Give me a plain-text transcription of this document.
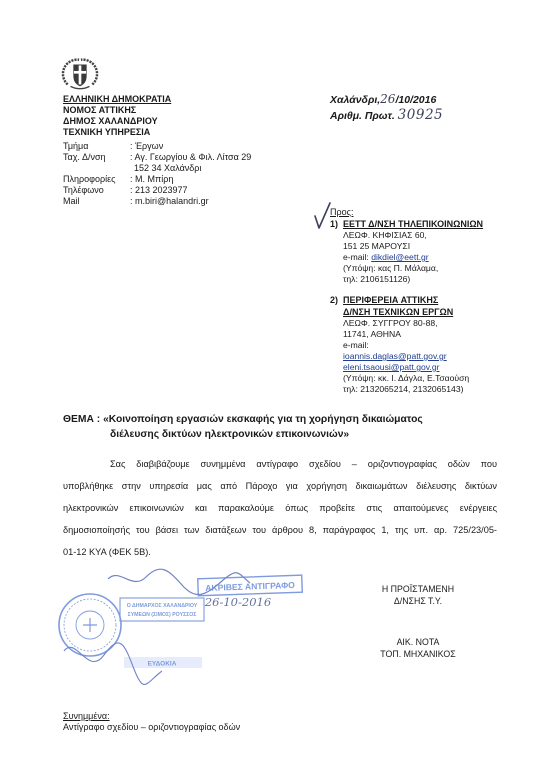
ΕΛΛΗΝΙΚΗ ΔΗΜΟΚΡΑΤΙΑ
ΝΟΜΟΣ ΑΤΤΙΚΗΣ
ΔΗΜΟΣ ΧΑΛΑΝΔΡΙΟΥ
ΤΕΧΝΙΚΗ ΥΠΗΡΕΣΙΑ
Χαλάνδρι,26/10/2016
Αριθμ. Πρωτ. 30925
Τμήμα	: Έργων
Ταχ. Δ/νση	: Αγ. Γεωργίου & Φιλ. Λίτσα 29
152 34 Χαλάνδρι
Πληροφορίες : Μ. Μπίρη
Τηλέφωνο	: 213 2023977
Mail	: m.biri@halandri.gr
Προς:
1) ΕΕΤΤ Δ/ΝΣΗ ΤΗΛΕΠΙΚΟΙΝΩΝΙΩΝ
ΛΕΩΦ. ΚΗΦΙΣΙΑΣ 60,
151 25 ΜΑΡΟΥΣΙ
e-mail: dikdiel@eett.gr
(Υπόψη: κας Π. Μάλαμα,
τηλ: 2106151126)
2) ΠΕΡΙΦΕΡΕΙΑ ΑΤΤΙΚΗΣ
Δ/ΝΣΗ ΤΕΧΝΙΚΩΝ ΕΡΓΩΝ
ΛΕΩΦ. ΣΥΓΓΡΟΥ 80-88,
11741, ΑΘΗΝΑ
e-mail:
ioannis.daglas@patt.gov.gr
eleni.tsaousi@patt.gov.gr
(Υπόψη: κκ. Ι. Δάγλα, Ε.Τσαούση
τηλ: 2132065214, 2132065143)
ΘΕΜΑ : «Κοινοποίηση εργασιών εκσκαφής για τη χορήγηση δικαιώματος
διέλευσης δικτύων ηλεκτρονικών επικοινωνιών»
Σας διαβιβάζουμε συνημμένα αντίγραφο σχεδίου – οριζοντιογραφίας οδών που
υποβλήθηκε στην υπηρεσία μας από Πάροχο για χορήγηση δικαιωμάτων διέλευσης δικτύων
ηλεκτρονικών επικοινωνιών και παρακαλούμε όπως προβείτε στις απαιτούμενες ενέργειες
δημοσιοποίησής του βάσει των διατάξεων του άρθρου 8, παράγραφος 1, της υπ. αρ. 725/23/05-
01-12 ΚΥΑ (ΦΕΚ 5Β).
Η ΠΡΟΪΣΤΑΜΕΝΗ
Δ/ΝΣΗΣ Τ.Υ.
ΑΙΚ. ΝΟΤΑ
ΤΟΠ. ΜΗΧΑΝΙΚΟΣ
ΑΚΡΙΒΕΣ ΑΝΤΙΓΡΑΦΟ
26-10-2016
Ο ΔΗΜΑΡΧΟΣ ΧΑΛΑΝΔΡΙΟΥ
ΣΥΜΕΩΝ (ΣΙΜΟΣ) ΡΟΥΣΣΟΣ
ΕΥΔΟΚΙΑ
Συνημμένα:
Αντίγραφο σχεδίου – οριζοντιογραφίας οδών
